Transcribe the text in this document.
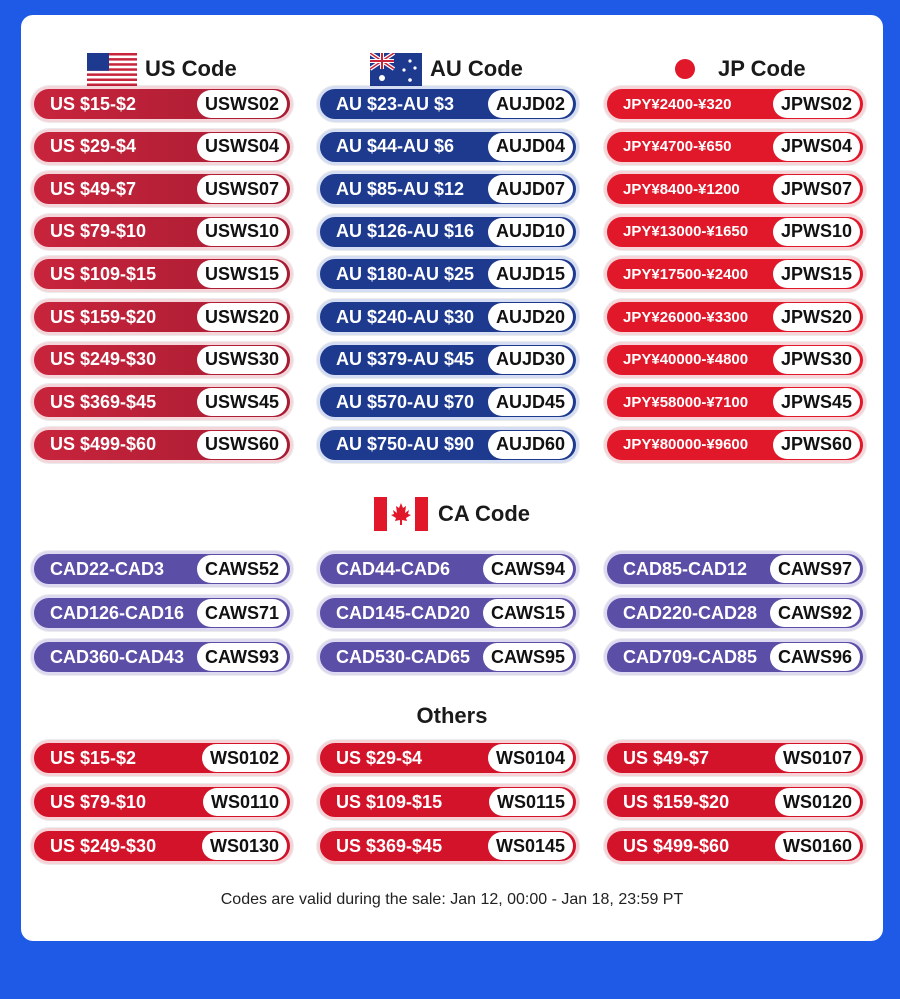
US Code	AU Code	JP Code
US $15-$2	USWS02
US $29-$4	USWS04
US $49-$7	USWS07
US $79-$10	USWS10
US $109-$15	USWS15
US $159-$20	USWS20
US $249-$30	USWS30
US $369-$45	USWS45
US $499-$60	USWS60
AU $23-AU $3	AUJD02
AU $44-AU $6	AUJD04
AU $85-AU $12	AUJD07
AU $126-AU $16	AUJD10
AU $180-AU $25	AUJD15
AU $240-AU $30	AUJD20
AU $379-AU $45	AUJD30
AU $570-AU $70	AUJD45
AU $750-AU $90	AUJD60
JPY¥2400-¥320	JPWS02
JPY¥4700-¥650	JPWS04
JPY¥8400-¥1200	JPWS07
JPY¥13000-¥1650	JPWS10
JPY¥17500-¥2400	JPWS15
JPY¥26000-¥3300	JPWS20
JPY¥40000-¥4800	JPWS30
JPY¥58000-¥7100	JPWS45
JPY¥80000-¥9600	JPWS60
CA Code
CAD22-CAD3	CAWS52	CAD44-CAD6	CAWS94	CAD85-CAD12	CAWS97
CAD126-CAD16	CAWS71	CAD145-CAD20	CAWS15	CAD220-CAD28	CAWS92
CAD360-CAD43	CAWS93	CAD530-CAD65	CAWS95	CAD709-CAD85	CAWS96
Others
US $15-$2	WS0102	US $29-$4	WS0104	US $49-$7	WS0107
US $79-$10	WS0110	US $109-$15	WS0115	US $159-$20	WS0120
US $249-$30	WS0130	US $369-$45	WS0145	US $499-$60	WS0160
Codes are valid during the sale: Jan 12, 00:00 - Jan 18, 23:59 PT
